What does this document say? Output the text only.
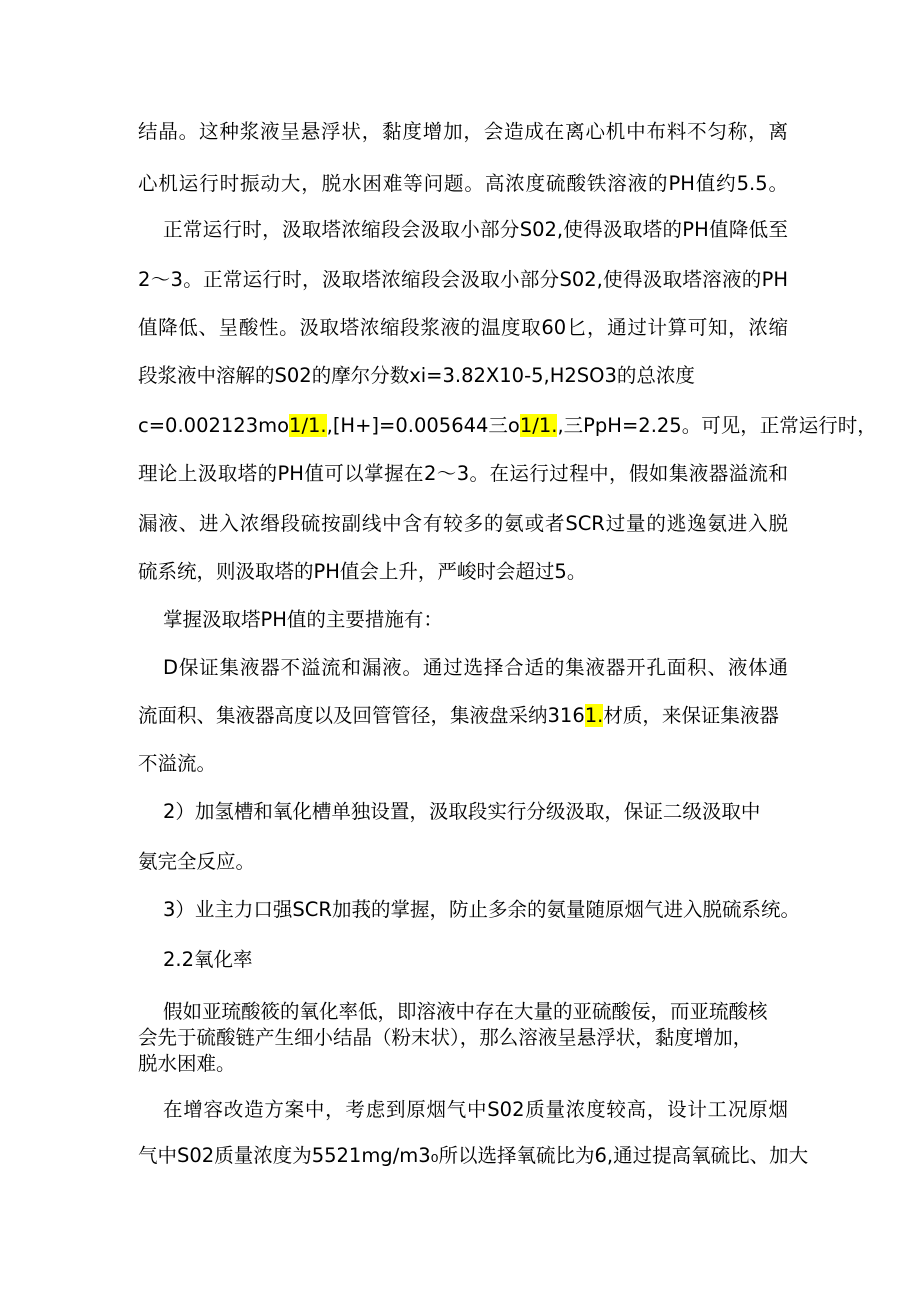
结晶。这种浆液呈悬浮状，黏度增加，会造成在离心机中布料不匀称，离
心机运行时振动大，脱水困难等问题。高浓度硫酸铁溶液的PH值约5.5。
正常运行时，汲取塔浓缩段会汲取小部分S02,使得汲取塔的PH值降低至
2～3。正常运行时，汲取塔浓缩段会汲取小部分S02,使得汲取塔溶液的PH
值降低、呈酸性。汲取塔浓缩段浆液的温度取60匕，通过计算可知，浓缩
段浆液中溶解的S02的摩尔分数xi=3.82X10-5,H2SO3的总浓度
c=0.002123mo1∕1.,[H+]=0.005644三o1∕1.,三PpH=2.25。可见，正常运行时，
理论上汲取塔的PH值可以掌握在2～3。在运行过程中，假如集液器溢流和
漏液、进入浓缗段硫按副线中含有较多的氨或者SCR过量的逃逸氨进入脱
硫系统，则汲取塔的PH值会上升，严峻时会超过5。
掌握汲取塔PH值的主要措施有：
D保证集液器不溢流和漏液。通过选择合适的集液器开孔面积、液体通
流面积、集液器高度以及回管管径，集液盘采纳3161.材质，来保证集液器
不溢流。
2）加氢槽和氧化槽单独设置，汲取段实行分级汲取，保证二级汲取中
氨完全反应。
3）业主力口强SCR加莪的掌握，防止多余的氨量随原烟气进入脱硫系统。
2.2氧化率
假如亚琉酸筱的氧化率低，即溶液中存在大量的亚硫酸佞，而亚琉酸核
会先于硫酸链产生细小结晶（粉末状），那么溶液呈悬浮状，黏度增加，
脱水困难。
在增容改造方案中，考虑到原烟气中S02质量浓度较高，设计工况原烟
气中S02质量浓度为5521mg∕m3₀所以选择氧硫比为6,通过提高氧硫比、加大
